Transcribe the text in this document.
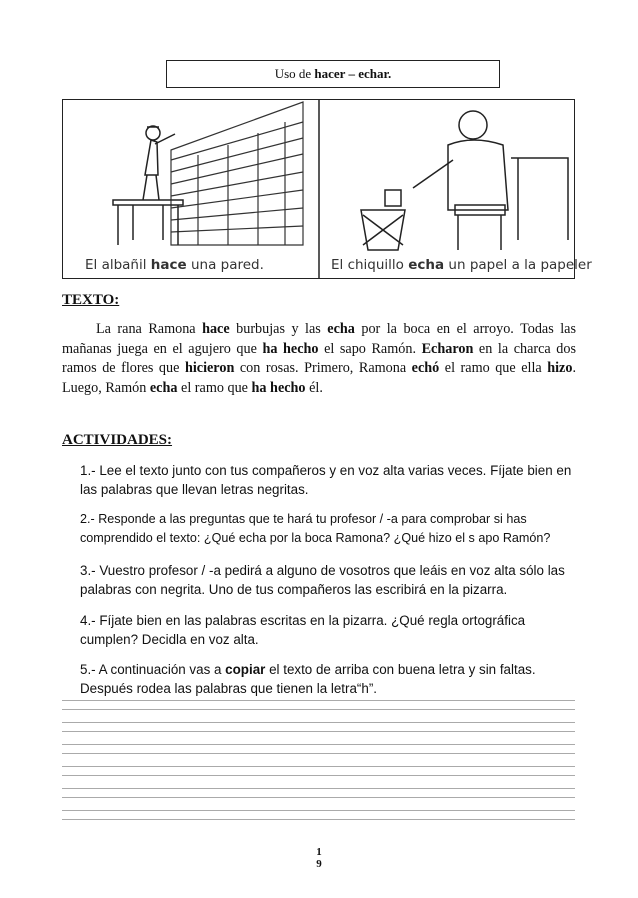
Uso de hacer – echar.
El albañil hace una pared.	El chiquillo echa un papel a la papeler
TEXTO:
La rana Ramona hace burbujas y las echa por la boca en el arroyo. Todas las mañanas juega en el agujero que ha hecho el sapo Ramón. Echaron en la charca dos ramos de flores que hicieron con rosas. Primero, Ramona echó el ramo que ella hizo. Luego, Ramón echa el ramo que ha hecho él.
ACTIVIDADES:
1.- Lee el texto junto con tus compañeros y en voz alta varias veces. Fíjate bien en las palabras que llevan letras negritas.
2.- Responde a las preguntas que te hará tu profesor / -a para comprobar si has comprendido el texto: ¿Qué echa por la boca Ramona? ¿Qué hizo el s apo Ramón?
3.- Vuestro profesor / -a pedirá a alguno de vosotros que leáis en voz alta sólo las palabras con negrita. Uno de tus compañeros las escribirá en la pizarra.
4.- Fíjate bien en las palabras escritas en la pizarra. ¿Qué regla ortográfica cumplen? Decidla en voz alta.
5.- A continuación vas a copiar el texto de arriba con buena letra y sin faltas. Después rodea las palabras que tienen la letra“h”.
1
9
